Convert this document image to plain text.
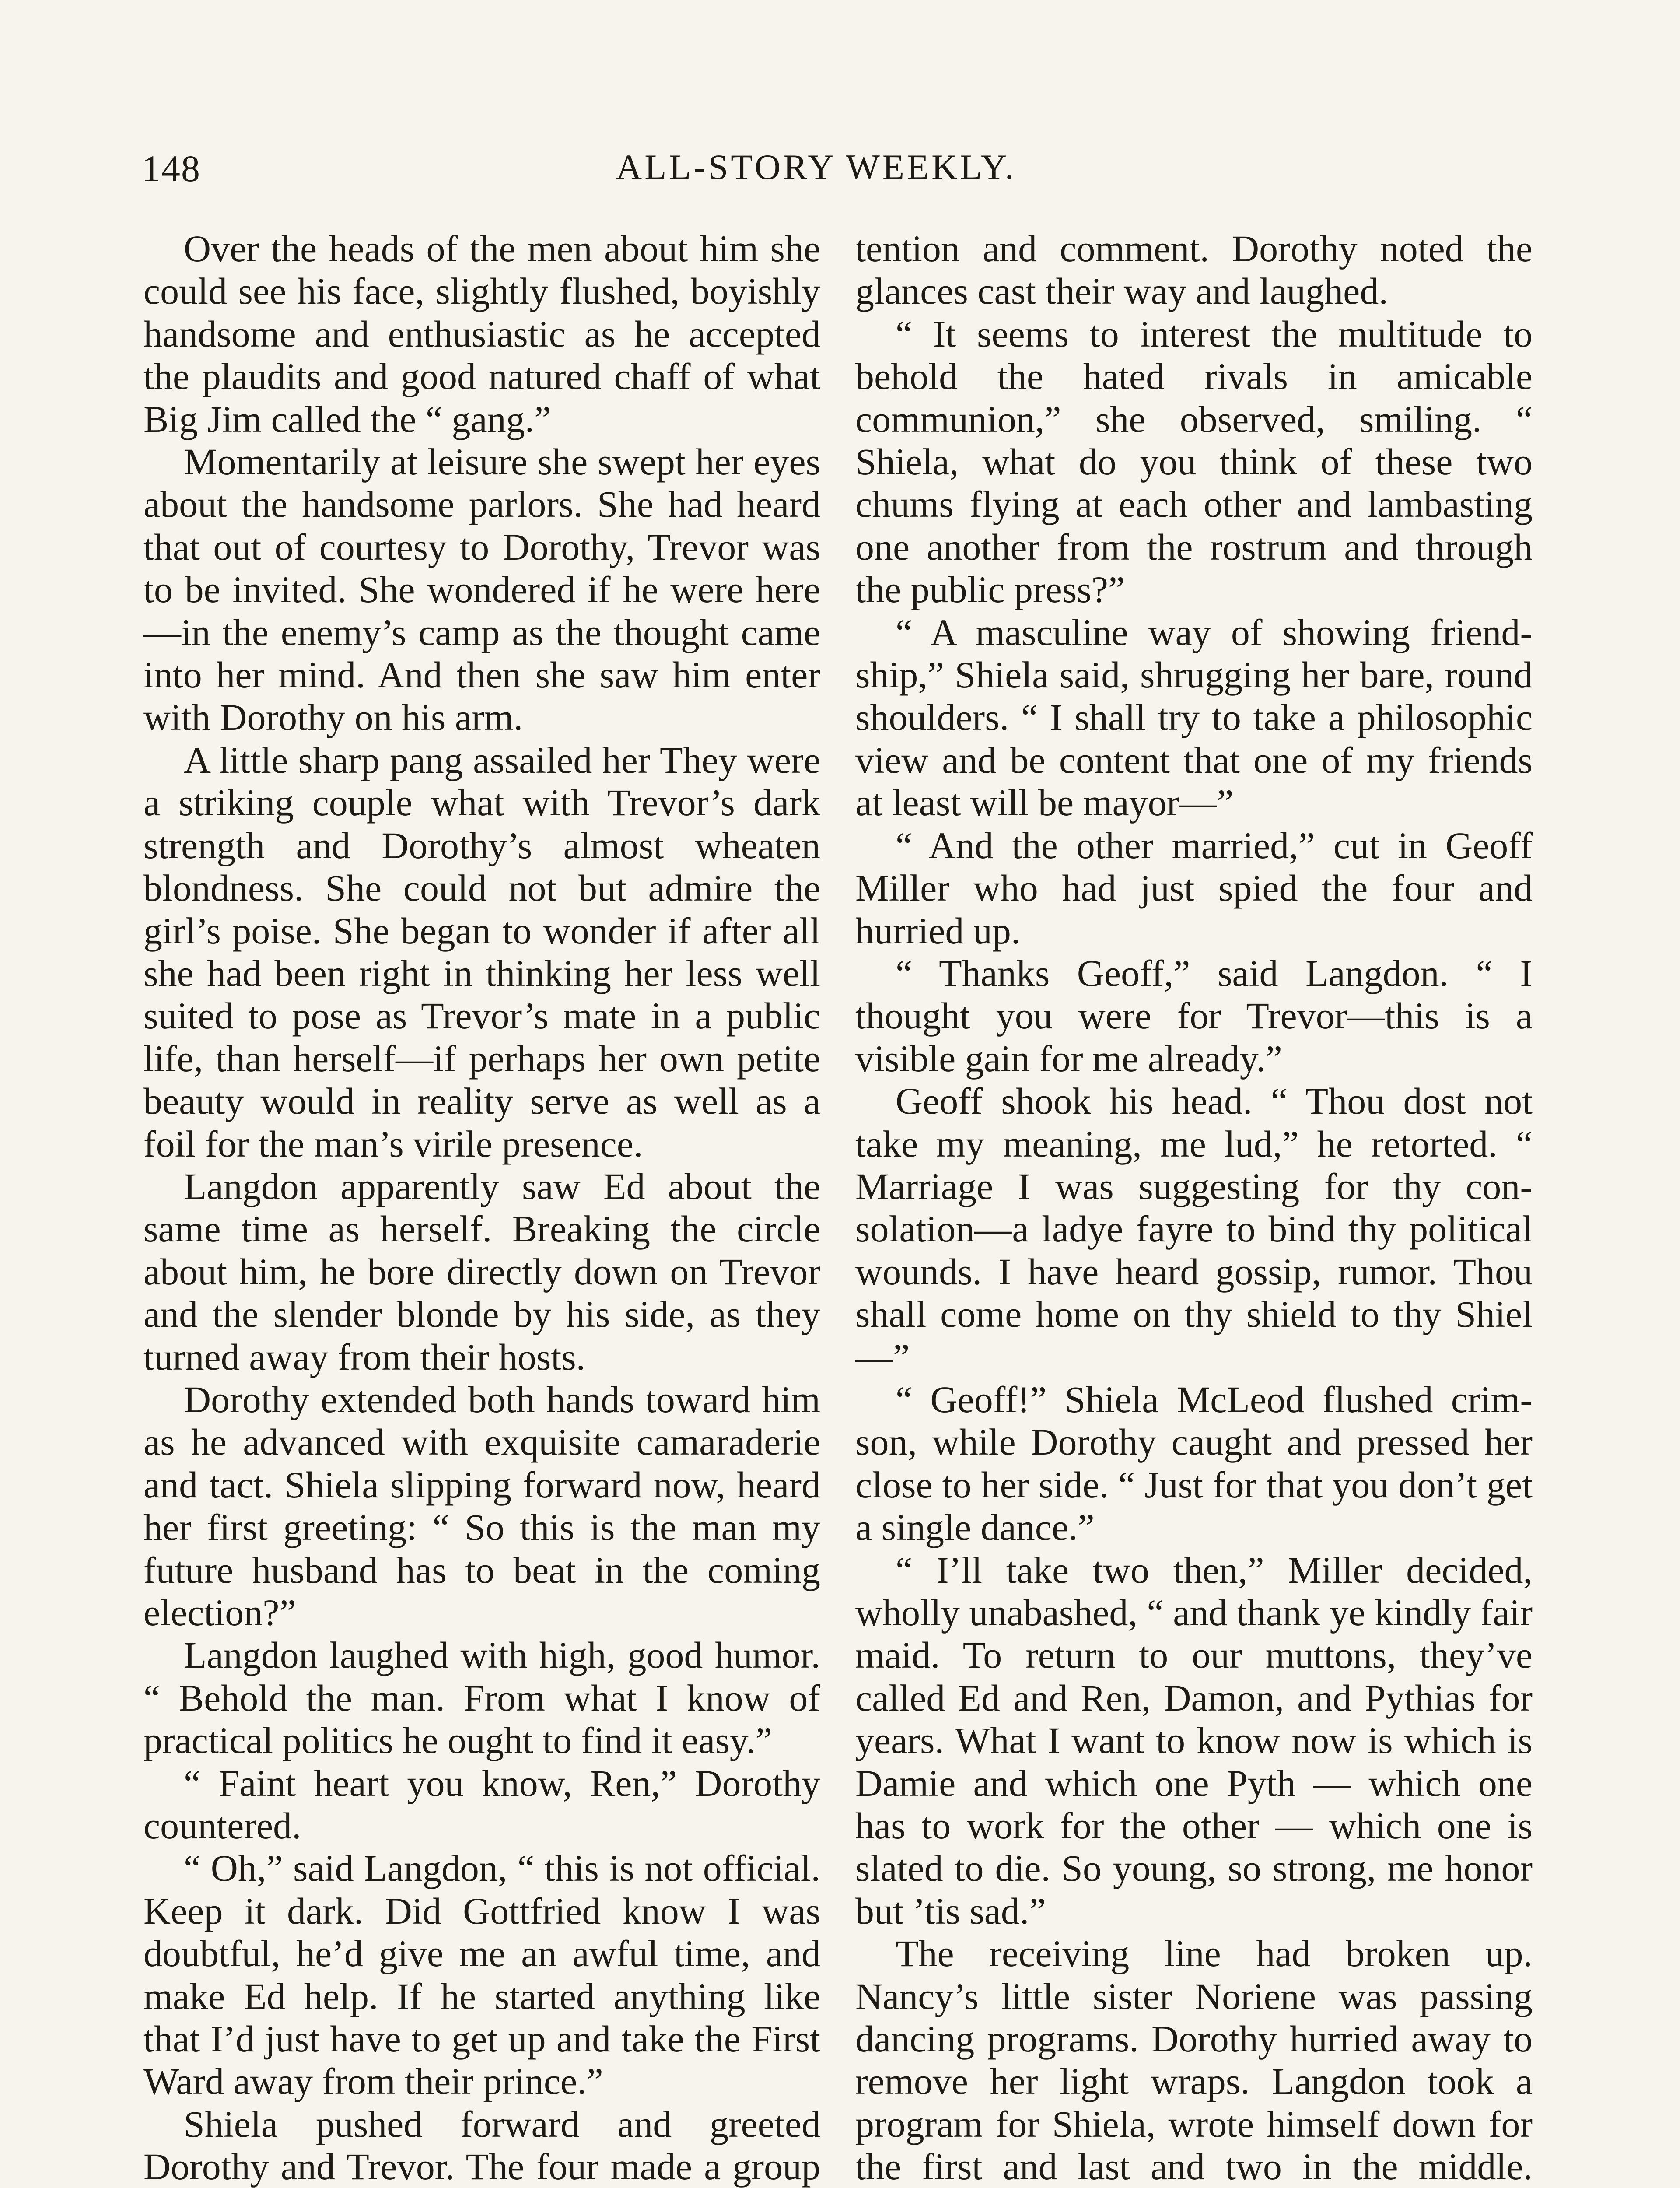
148	ALL-STORY WEEKLY.

Over the heads of the men about him she could see his face, slightly flushed, boyishly handsome and enthusiastic as he accepted the plaudits and good natured chaff of what Big Jim called the “ gang.”

Momentarily at leisure she swept her eyes about the handsome parlors. She had heard that out of courtesy to Dorothy, Trevor was to be invited. She wondered if he were here—in the enemy’s camp as the thought came into her mind. And then she saw him enter with Dorothy on his arm.

A little sharp pang assailed her They were a striking couple what with Trevor’s dark strength and Dorothy’s almost wheaten blondness. She could not but admire the girl’s poise. She began to wonder if after all she had been right in thinking her less well suited to pose as Trevor’s mate in a public life, than herself—if perhaps her own petite beauty would in reality serve as well as a foil for the man’s virile presence.

Langdon apparently saw Ed about the same time as herself. Breaking the circle about him, he bore directly down on Trevor and the slender blonde by his side, as they turned away from their hosts.

Dorothy extended both hands toward him as he advanced with exquisite camaraderie and tact. Shiela slipping forward now, heard her first greeting: “ So this is the man my future husband has to beat in the coming election?”

Langdon laughed with high, good humor. “ Behold the man. From what I know of practical politics he ought to find it easy.”

“ Faint heart you know, Ren,” Dorothy countered.

“ Oh,” said Langdon, “ this is not official. Keep it dark. Did Gottfried know I was doubtful, he’d give me an awful time, and make Ed help. If he started anything like that I’d just have to get up and take the First Ward away from their prince.”

Shiela pushed forward and greeted Dorothy and Trevor. The four made a group

tention and comment. Dorothy noted the glances cast their way and laughed.

“ It seems to interest the multitude to behold the hated rivals in amicable communion,” she observed, smiling. “ Shiela, what do you think of these two chums flying at each other and lambasting one another from the rostrum and through the public press?”

“ A masculine way of showing friendship,” Shiela said, shrugging her bare, round shoulders. “ I shall try to take a philosophic view and be content that one of my friends at least will be mayor—”

“ And the other married,” cut in Geoff Miller who had just spied the four and hurried up.

“ Thanks Geoff,” said Langdon. “ I thought you were for Trevor—this is a visible gain for me already.”

Geoff shook his head. “ Thou dost not take my meaning, me lud,” he retorted. “ Marriage I was suggesting for thy consolation—a ladye fayre to bind thy political wounds. I have heard gossip, rumor. Thou shall come home on thy shield to thy Shiel—”

“ Geoff!” Shiela McLeod flushed crimson, while Dorothy caught and pressed her close to her side. “ Just for that you don’t get a single dance.”

“ I’ll take two then,” Miller decided, wholly unabashed, “ and thank ye kindly fair maid. To return to our muttons, they’ve called Ed and Ren, Damon, and Pythias for years. What I want to know now is which is Damie and which one Pyth — which one has to work for the other — which one is slated to die. So young, so strong, me honor but ’tis sad.”

The receiving line had broken up. Nancy’s little sister Noriene was passing dancing programs. Dorothy hurried away to remove her light wraps. Langdon took a program for Shiela, wrote himself down for the first and last and two in the middle.
